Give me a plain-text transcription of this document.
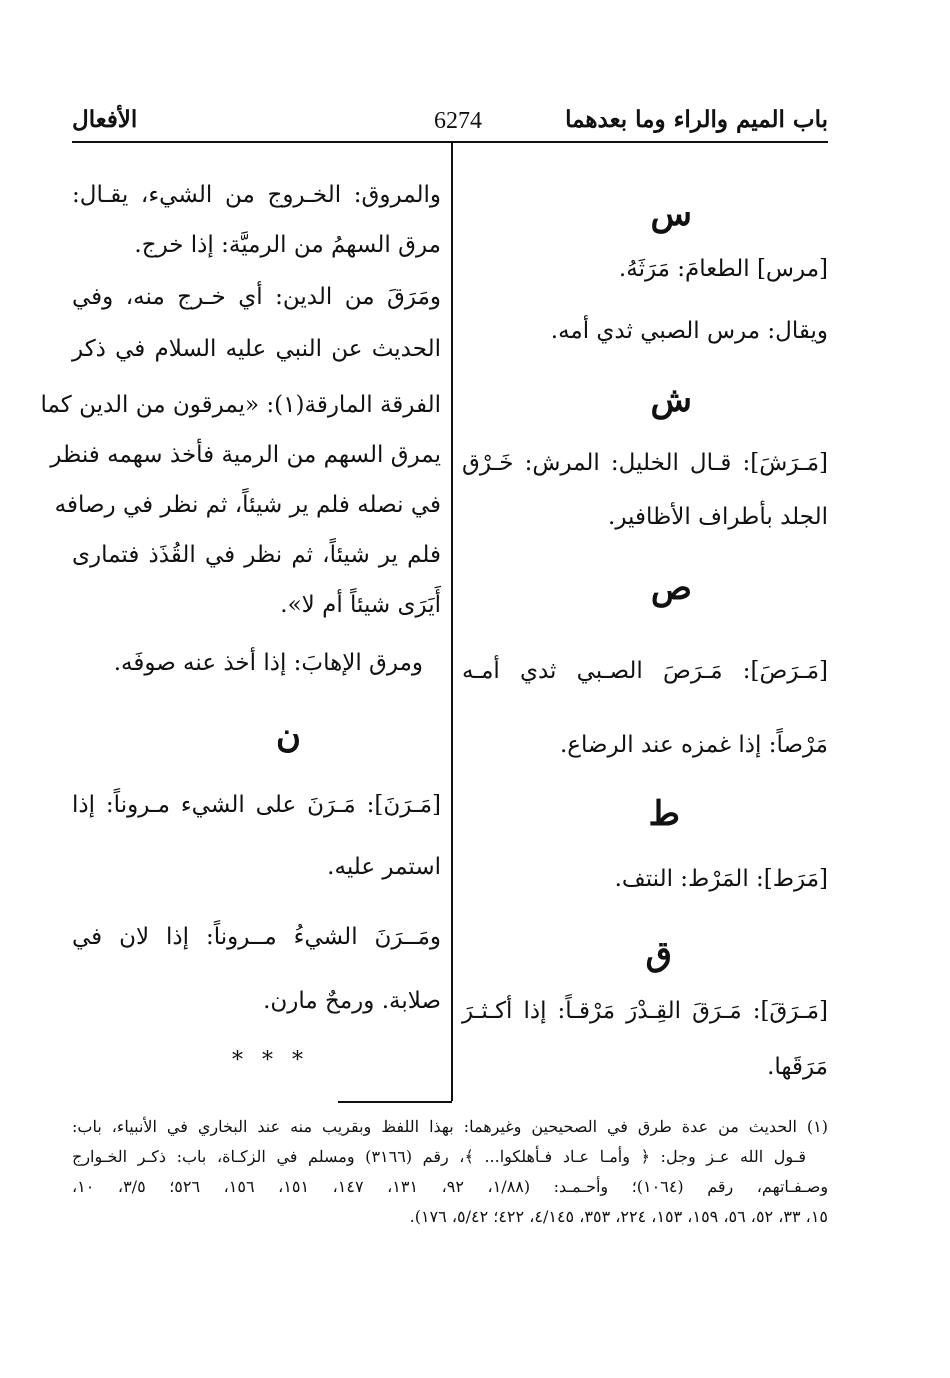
باب الميم والراء وما بعدهما
6274
الأفعال
س
[مرس] الطعامَ: مَرَثَهُ.
ويقال: مرس الصبي ثدي أمه.
ش
[مَـرَشَ]: قـال الخليل: المرش: خَـرْق
الجلد بأطراف الأظافير.
ص
[مَـرَصَ]: مَـرَصَ الصـبي ثدي أمـه
مَرْصاً: إذا غمزه عند الرضاع.
ط
[مَرَط]: المَرْط: النتف.
ق
[مَـرَقَ]: مَـرَقَ القِـدْرَ مَرْقـاً: إذا أكـثـرَ
مَرَقَها.
والمروق: الخـروج من الشيء، يقـال:
مرق السهمُ من الرميَّة: إذا خرج.
ومَرَقَ من الدين: أي خـرج منه، وفي
الحديث عن النبي عليه السلام في ذكر
الفرقة المارقة(١): «يمرقون من الدين كما
يمرق السهم من الرمية فأخذ سهمه فنظر
في نصله فلم ير شيئاً، ثم نظر في رصافه
فلم ير شيئاً، ثم نظر في القُذَذ فتمارى
أَيَرَى شيئاً أم لا».
ومرق الإهابَ: إذا أخذ عنه صوفَه.
ن
[مَـرَنَ]: مَـرَنَ على الشيء مـروناً: إذا
استمر عليه.
ومَــرَنَ الشيءُ مــروناً: إذا لان في
صلابة. ورمحٌ مارن.
* * *
(١) الحديث من عدة طرق في الصحيحين وغيرهما: بهذا اللفظ وبقريب منه عند البخاري في الأنبياء، باب:
قـول الله عـز وجل: ﴿ وأمـا عـاد فـأهلكوا... ﴾، رقم (٣١٦٦) ومسلم في الزكـاة، باب: ذكـر الخـوارج
وصـفـاتهم، رقم (١٠٦٤)؛ وأحـمـد: (١/٨٨، ٩٢، ١٣١، ١٤٧، ١٥١، ١٥٦، ٥٢٦؛ ٣/٥، ١٠،
١٥، ٣٣، ٥٢، ٥٦، ١٥٩، ١٥٣، ٢٢٤، ٣٥٣، ٤/١٤٥، ٤٢٢؛ ٥/٤٢، ١٧٦).
